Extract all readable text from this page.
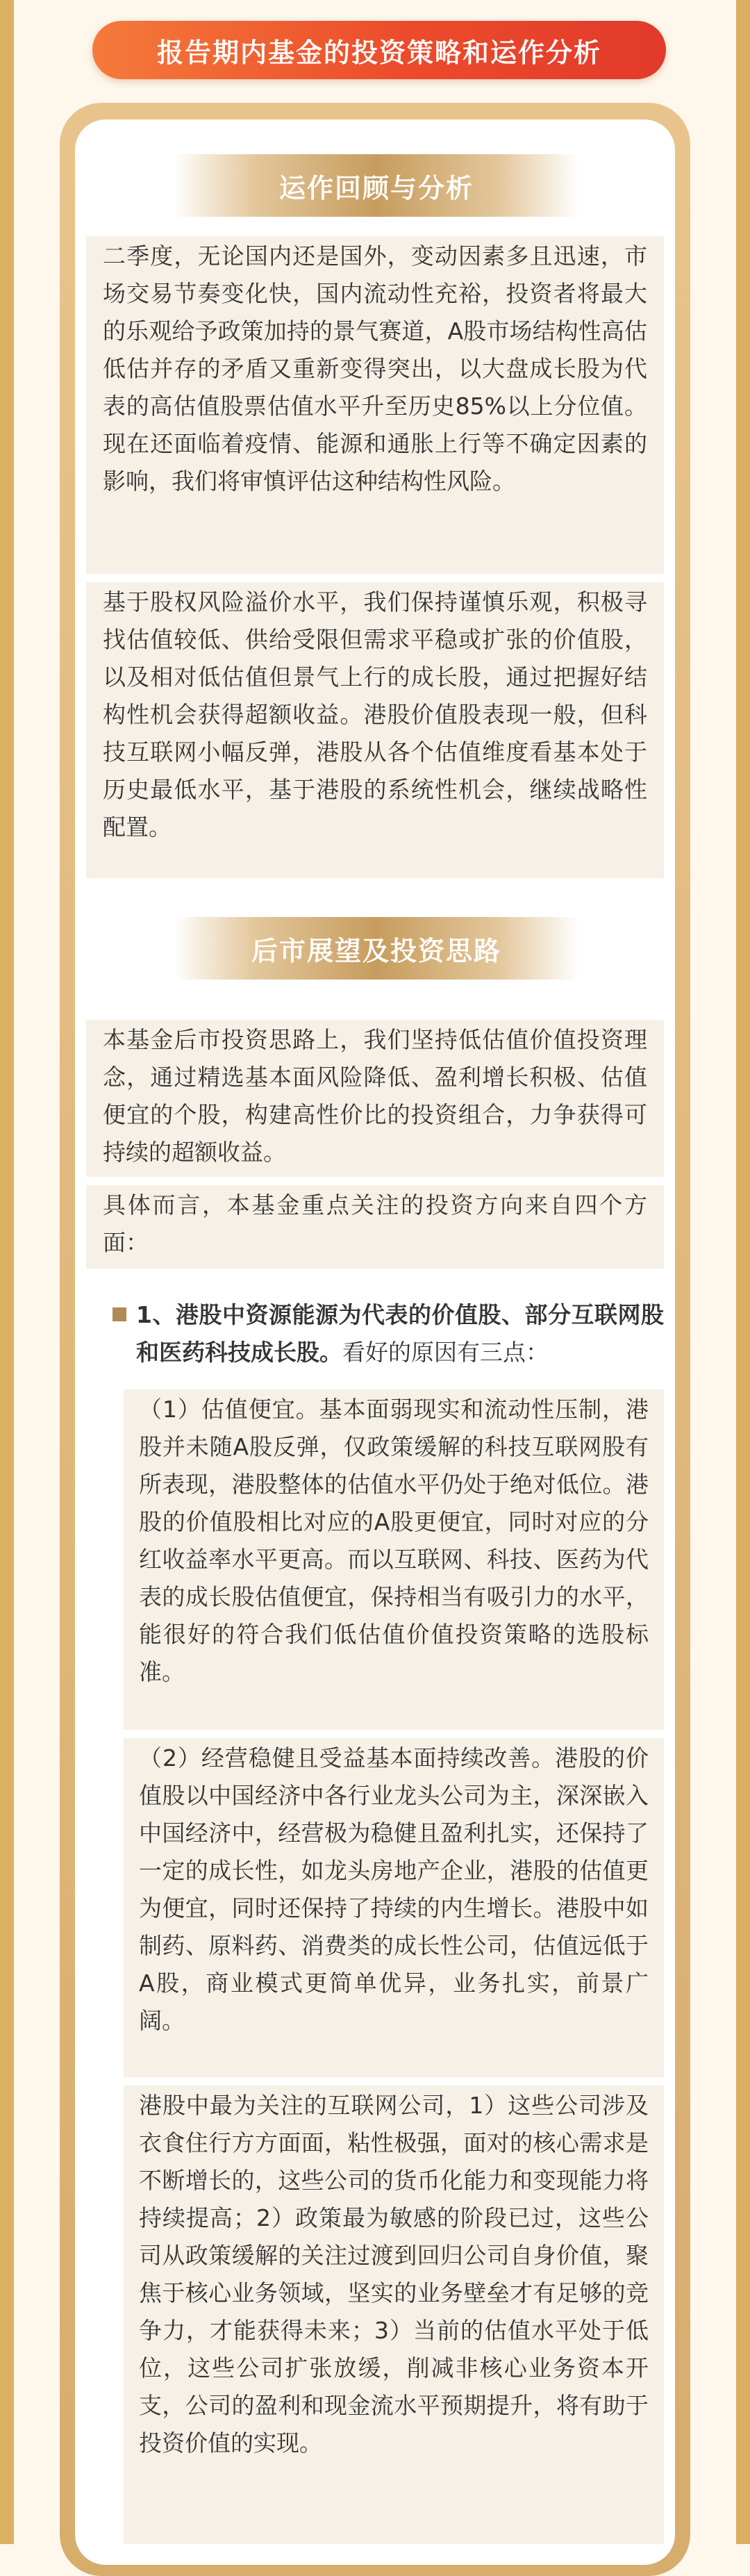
报告期内基金的投资策略和运作分析
运作回顾与分析

二季度，无论国内还是国外，变动因素多且迅速，市场交易节奏变化快，国内流动性充裕，投资者将最大的乐观给予政策加持的景气赛道，A股市场结构性高估低估并存的矛盾又重新变得突出，以大盘成长股为代表的高估值股票估值水平升至历史85%以上分位值。现在还面临着疫情、能源和通胀上行等不确定因素的影响，我们将审慎评估这种结构性风险。

基于股权风险溢价水平，我们保持谨慎乐观，积极寻找估值较低、供给受限但需求平稳或扩张的价值股，以及相对低估值但景气上行的成长股，通过把握好结构性机会获得超额收益。港股价值股表现一般，但科技互联网小幅反弹，港股从各个估值维度看基本处于历史最低水平，基于港股的系统性机会，继续战略性配置。

后市展望及投资思路

本基金后市投资思路上，我们坚持低估值价值投资理念，通过精选基本面风险降低、盈利增长积极、估值便宜的个股，构建高性价比的投资组合，力争获得可持续的超额收益。

具体而言，本基金重点关注的投资方向来自四个方面：

1、港股中资源能源为代表的价值股、部分互联网股和医药科技成长股。看好的原因有三点：

（1）估值便宜。基本面弱现实和流动性压制，港股并未随A股反弹，仅政策缓解的科技互联网股有所表现，港股整体的估值水平仍处于绝对低位。港股的价值股相比对应的A股更便宜，同时对应的分红收益率水平更高。而以互联网、科技、医药为代表的成长股估值便宜，保持相当有吸引力的水平，能很好的符合我们低估值价值投资策略的选股标准。

（2）经营稳健且受益基本面持续改善。港股的价值股以中国经济中各行业龙头公司为主，深深嵌入中国经济中，经营极为稳健且盈利扎实，还保持了一定的成长性，如龙头房地产企业，港股的估值更为便宜，同时还保持了持续的内生增长。港股中如制药、原料药、消费类的成长性公司，估值远低于A股，商业模式更简单优异，业务扎实，前景广阔。

港股中最为关注的互联网公司，1）这些公司涉及衣食住行方方面面，粘性极强，面对的核心需求是不断增长的，这些公司的货币化能力和变现能力将持续提高；2）政策最为敏感的阶段已过，这些公司从政策缓解的关注过渡到回归公司自身价值，聚焦于核心业务领域，坚实的业务壁垒才有足够的竞争力，才能获得未来；3）当前的估值水平处于低位，这些公司扩张放缓，削减非核心业务资本开支，公司的盈利和现金流水平预期提升，将有助于投资价值的实现。
